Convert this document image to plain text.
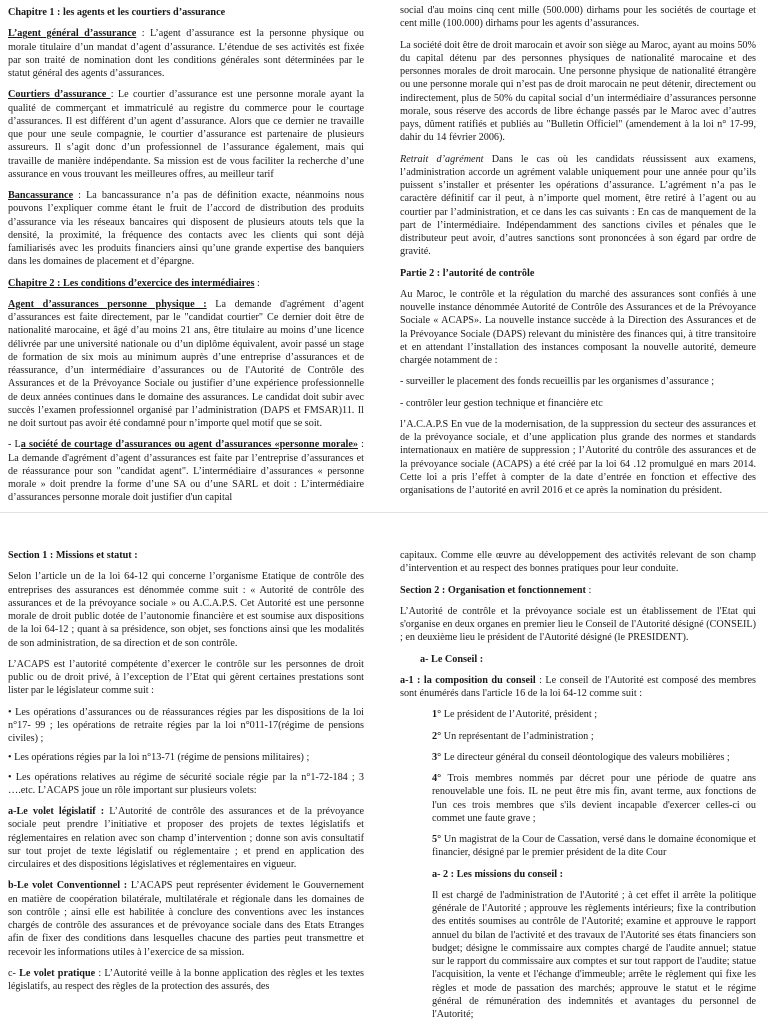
Chapitre 1 : les agents et les courtiers d’assurance

L’agent général d’assurance : L’agent d’assurance est la personne physique ou morale titulaire d’un mandat d’agent d’assurance. L’étendue de ses activités est fixée par son traité de nomination dont les conditions générales sont déterminées par le statut général des agents d’assurances.

Courtiers d’assurance : Le courtier d’assurance est une personne morale ayant la qualité de commerçant et immatriculé au registre du commerce pour le courtage d’assurances. Il est différent d’un agent d’assurance. Alors que ce dernier ne travaille que pour une seule compagnie, le courtier d’assurance est partenaire de plusieurs assureurs. Il s’agit donc d’un professionnel de l’assurance également, mais qui travaille de manière indépendante. Sa mission est de vous faciliter la recherche d’une assurance en vous trouvant les meilleures offres, au meilleur tarif

Bancassurance : La bancassurance n’a pas de définition exacte, néanmoins nous pouvons l’expliquer comme étant le fruit de l’accord de distribution des produits d’assurance via les réseaux bancaires qui disposent de plusieurs atouts tels que la densité, la proximité, la fréquence des contacts avec les clients qui sont déjà familiarisés avec les produits financiers ainsi qu’une grande expertise des banquiers dans les domaines de placement et d’épargne.

Chapitre 2 : Les conditions d’exercice des intermédiaires :

Agent d’assurances personne physique : La demande d'agrément d’agent d’assurances est faite directement, par le "candidat courtier" Ce dernier doit être de nationalité marocaine, et âgé d’au moins 21 ans, être titulaire au moins d’une licence délivrée par une université nationale ou d’un diplôme équivalent, avoir passé un stage de formation de six mois au minimum auprès d’une entreprise d’assurances et de réassurance, d’un intermédiaire d’assurances ou de l'Autorité de Contrôle des Assurances et de la Prévoyance Sociale ou justifier d’une expérience professionnelle de deux années continues dans le domaine des assurances. Le candidat doit subir avec succès l’examen professionnel organisé par l’administration (DAPS et FMSAR)11. Il ne doit surtout pas avoir été condamné pour n’importe quel motif que se soit.

- La société de courtage d’assurances ou agent d’assurances «personne morale» : La demande d'agrément d’agent d’assurances est faite par l’entreprise d’assurances et de réassurance pour son "candidat agent". L’intermédiaire d’assurances « personne morale » doit prendre la forme d’une SA ou d’une SARL et doit : L’intermédiaire d’assurances personne morale doit justifier d'un capital

social d'au moins cinq cent mille (500.000) dirhams pour les sociétés de courtage et cent mille (100.000) dirhams pour les agents d’assurances.

La société doit être de droit marocain et avoir son siège au Maroc, ayant au moins 50% du capital détenu par des personnes physiques de nationalité marocaine et des personnes morales de droit marocain. Une personne physique de nationalité étrangère ou une personne morale qui n’est pas de droit marocain ne peut détenir, directement ou indirectement, plus de 50% du capital social d’un intermédiaire d’assurances personne morale, sous réserve des accords de libre échange passés par le Maroc avec d’autres pays, dûment ratifiés et publiés au "Bulletin Officiel" (amendement à la loi n° 17-99, dahir du 14 février 2006).

Retrait d’agrément Dans le cas où les candidats réussissent aux examens, l’administration accorde un agrément valable uniquement pour une année pour qu’ils puissent s’installer et présenter les opérations d’assurance. L’agrément n’a pas le caractère définitif car il peut, à n’importe quel moment, être retiré à l’agent ou au courtier par l’administration, et ce dans les cas suivants : En cas de manquement de la part de l’intermédiaire. Indépendamment des sanctions civiles et pénales que le distributeur peut avoir, d’autres sanctions sont prononcées à son égard par ordre de gravité.

Partie 2 : l’autorité de contrôle

Au Maroc, le contrôle et la régulation du marché des assurances sont confiés à une nouvelle instance dénommée Autorité de Contrôle des Assurances et de la Prévoyance Sociale « ACAPS». La nouvelle instance succède à la Direction des Assurances et de la Prévoyance Sociale (DAPS) relevant du ministère des finances qui, à titre transitoire et en attendant l’installation des instances composant la nouvelle autorité, demeure chargée notamment de :

- surveiller le placement des fonds recueillis par les organismes d’assurance ;

- contrôler leur gestion technique et financière etc

l’A.C.A.P.S En vue de la modernisation, de la suppression du secteur des assurances et de la prévoyance sociale, et d’une application plus grande des normes et standards internationaux en matière de suppression ; l’Autorité du contrôle des assurances et de la prévoyance sociale (ACAPS) a été créé par la loi 64 .12 promulgué en mars 2014. Cette loi a pris l’effet à compter de la date d’entrée en fonction et effective des organisations de l’autorité en avril 2016 et ce après la nomination du président.

Section 1 : Missions et statut :

Selon l’article un de la loi 64-12 qui concerne l’organisme Etatique de contrôle des entreprises des assurances est dénommée comme suit : « Autorité de contrôle des assurances et de la prévoyance sociale » ou A.C.A.P.S. Cet Autorité est une personne morale de droit public dotée de l’autonomie financière et est soumise aux dispositions de la loi 64-12 ; quant à sa présidence, son objet, ses fonctions ainsi que les modalités de son administration, de sa direction et de son contrôle.

L’ACAPS est l’autorité compétente d’exercer le contrôle sur les personnes de droit public ou de droit privé, à l’exception de l’Etat qui gèrent certaines prestations sont lister par le législateur comme suit :

• Les opérations d’assurances ou de réassurances régies par les dispositions de la loi n°17- 99 ; les opérations de retraite régies par la loi n°011-17(régime de pensions civiles) ;

• Les opérations régies par la loi n°13-71 (régime de pensions militaires) ;

• Les opérations relatives au régime de sécurité sociale régie par la n°1-72-184 ; 3 ….etc. L’ACAPS joue un rôle important sur plusieurs volets:

a-Le volet législatif : L’Autorité de contrôle des assurances et de la prévoyance sociale peut prendre l’initiative et proposer des projets de textes législatifs et réglementaires en relation avec son champ d’intervention ; donne son avis consultatif sur tout projet de texte législatif ou réglementaire ; et prend en application des circulaires et des dispositions législatives et réglementaires en vigueur.

b-Le volet Conventionnel : L’ACAPS peut représenter évidement le Gouvernement en matière de coopération bilatérale, multilatérale et régionale dans les domaines de son contrôle ; ainsi elle est habilitée à conclure des conventions avec les instances chargés de contrôle des assurances et de prévoyance sociale dans des Etats Etranges afin de fixer des conditions dans lesquelles chacune des parties peut transmettre et recevoir les informations utiles à l’exercice de sa mission.

c- Le volet pratique : L’Autorité veille à la bonne application des règles et les textes législatifs, au respect des règles de la protection des assurés, des

capitaux. Comme elle œuvre au développement des activités relevant de son champ d’intervention et au respect des bonnes pratiques pour leur conduite.

Section 2 : Organisation et fonctionnement :

L’Autorité de contrôle et la prévoyance sociale est un établissement de l'Etat qui s'organise en deux organes en premier lieu le Conseil de l'Autorité désigné (CONSEIL) ; en deuxième lieu le président de l'Autorité désigné (le PRESIDENT).

a- Le Conseil :

a-1 : la composition du conseil : Le conseil de l'Autorité est composé des membres sont énumérés dans l'article 16 de la loi 64-12 comme suit :

1° Le président de l’Autorité, président ;

2° Un représentant de l’administration ;

3° Le directeur général du conseil déontologique des valeurs mobilières ;

4° Trois membres nommés par décret pour une période de quatre ans renouvelable une fois. IL ne peut être mis fin, avant terme, aux fonctions de l'un ces trois membres que s'ils devient incapable d'exercer celles-ci ou commet une faute grave ;

5° Un magistrat de la Cour de Cassation, versé dans le domaine économique et financier, désigné par le premier président de la dite Cour

a- 2 : Les missions du conseil :

Il est chargé de l'administration de l'Autorité ; à cet effet il arrête la politique générale de l'Autorité ; approuve les règlements intérieurs; fixe la contribution des entités soumises au contrôle de l'Autorité; examine et approuve le rapport annuel du bilan de l'activité et des travaux de l'Autorité ses états financiers son budget; désigne le commissaire aux comptes chargé de l'audite annuel; statue sur le rapport du commissaire aux comptes et sur tout rapport de l'audite; statue l'acquisition, la vente et l'échange d'immeuble; arrête le règlement qui fixe les règles et mode de passation des marchés; approuve le statut et le régime général de rémunération des indemnités et avantages du personnel de l'Autorité;
